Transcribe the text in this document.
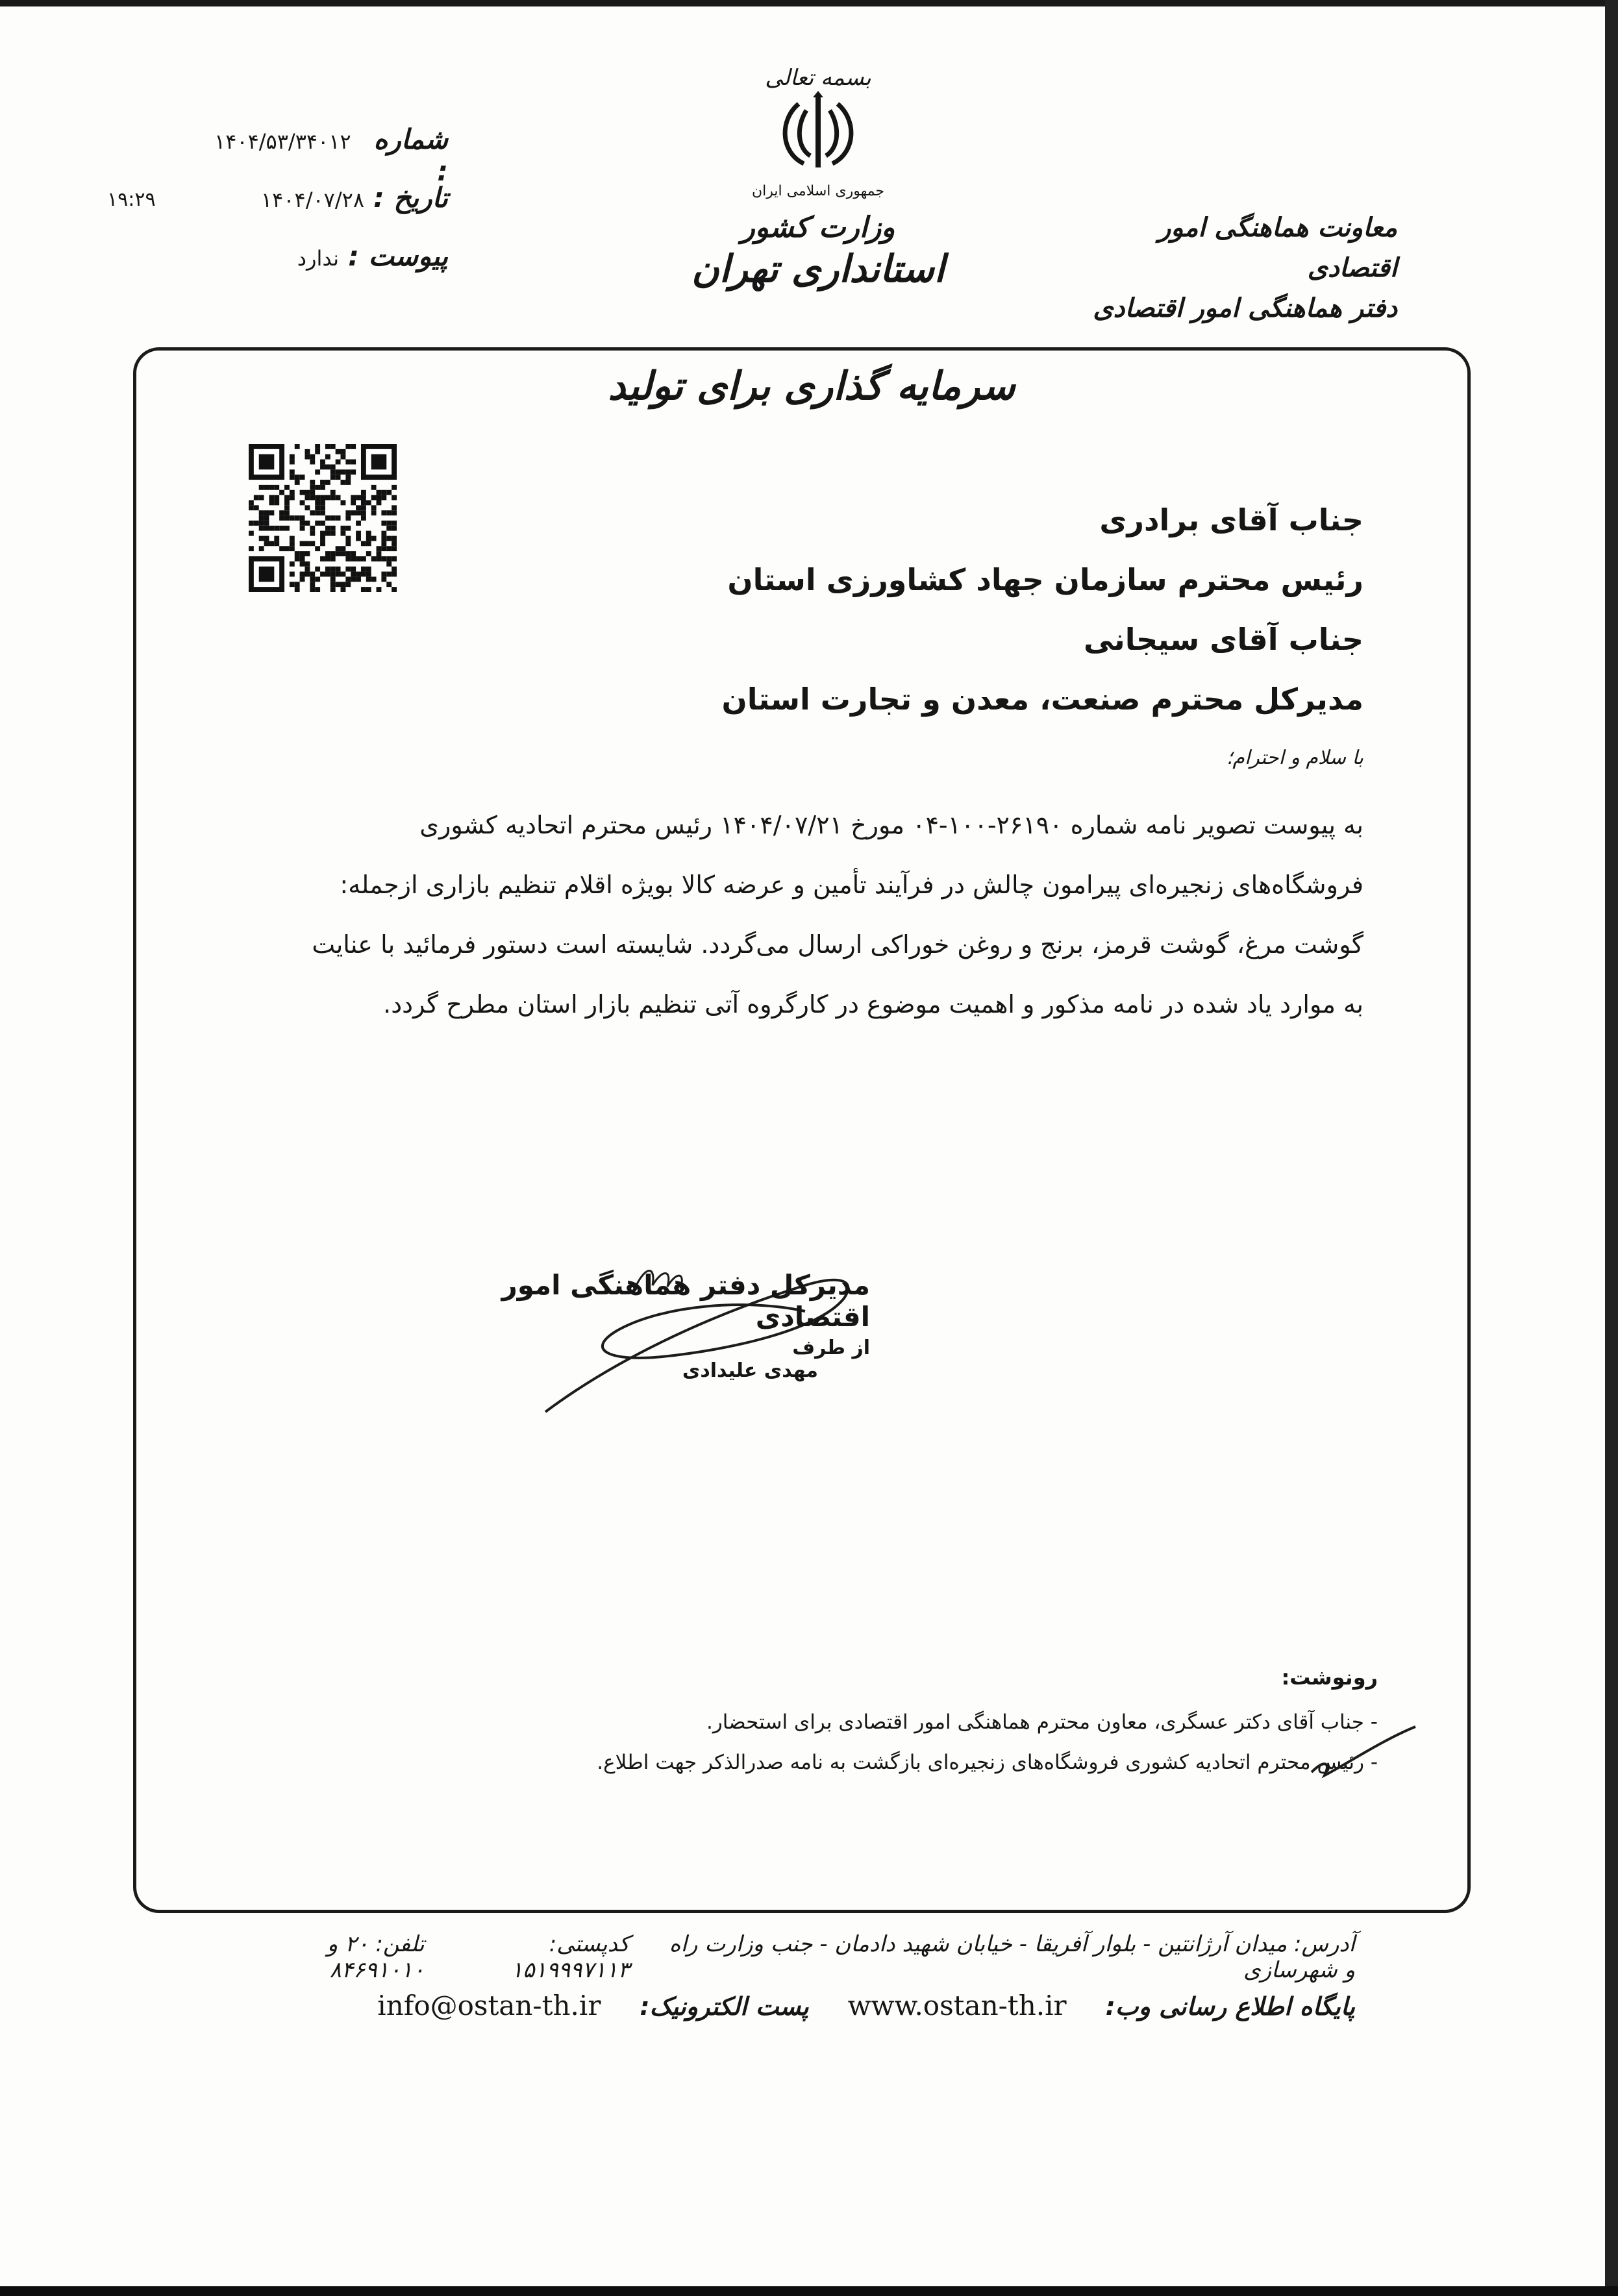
معاونت هماهنگی امور اقتصادی
دفتر هماهنگی امور اقتصادی
بسمه تعالی
جمهوری اسلامی ایران
وزارت کشور
استانداری تهران
شماره :
۱۴۰۴/۵۳/۳۴۰۱۲
تاریخ :
۱۴۰۴/۰۷/۲۸
پیوست :
ندارد
۱۹:۲۹
سرمایه گذاری برای تولید
جناب آقای برادری
رئیس محترم سازمان جهاد کشاورزی استان
جناب آقای سیجانی
مدیرکل محترم صنعت، معدن و تجارت استان
با سلام و احترام؛

به پیوست تصویر نامه شماره ۲۶۱۹۰-۱۰۰-۰۴ مورخ ۱۴۰۴/۰۷/۲۱ رئیس محترم اتحادیه کشوری

فروشگاه‌های زنجیره‌ای پیرامون چالش در فرآیند تأمین و عرضه کالا بویژه اقلام تنظیم بازاری ازجمله:

گوشت مرغ، گوشت قرمز، برنج و روغن خوراکی ارسال می‌گردد. شایسته است دستور فرمائید با عنایت

به موارد یاد شده در نامه مذکور و اهمیت موضوع در کارگروه آتی تنظیم بازار استان مطرح گردد.

مدیرکل دفتر هماهنگی امور اقتصادی
از طرف
مهدی علیدادی
رونوشت:
- جناب آقای دکتر عسگری، معاون محترم هماهنگی امور اقتصادی برای استحضار.
- رئیس محترم اتحادیه کشوری فروشگاه‌های زنجیره‌ای بازگشت به نامه صدرالذکر جهت اطلاع.
آدرس: میدان آرژانتین - بلوار آفریقا - خیابان شهید دادمان - جنب وزارت راه و شهرسازی
کدپستی: ۱۵۱۹۹۹۷۱۱۳
تلفن: ۲۰ و ۸۴۶۹۱۰۱۰
پایگاه اطلاع رسانی وب:
www.ostan-th.ir
پست الکترونیک:
info@ostan-th.ir
